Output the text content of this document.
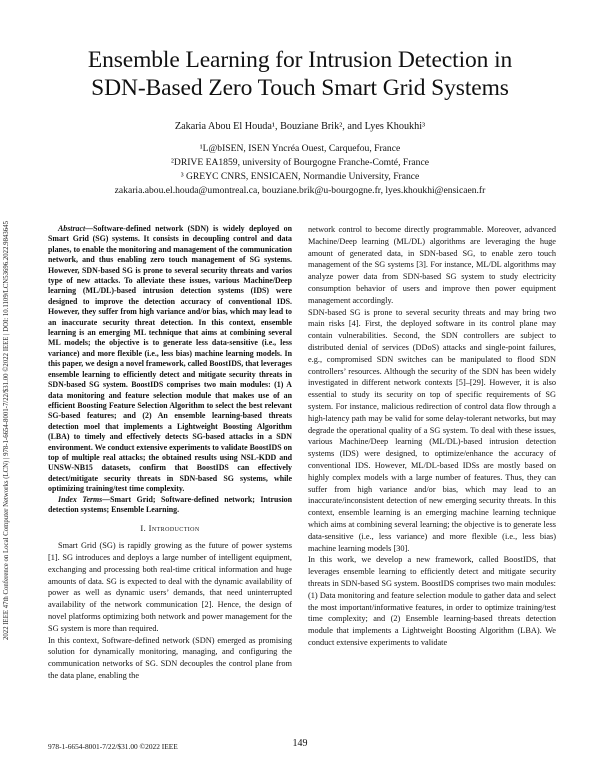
Ensemble Learning for Intrusion Detection in
SDN-Based Zero Touch Smart Grid Systems
Zakaria Abou El Houda¹, Bouziane Brik², and Lyes Khoukhi³
¹L@bISEN, ISEN Yncréa Ouest, Carquefou, France
²DRIVE EA1859, university of Bourgogne Franche-Comté, France
³ GREYC CNRS, ENSICAEN, Normandie University, France
zakaria.abou.el.houda@umontreal.ca, bouziane.brik@u-bourgogne.fr, lyes.khoukhi@ensicaen.fr
2022 IEEE 47th Conference on Local Computer Networks (LCN) | 978-1-6654-8001-7/22/$31.00 ©2022 IEEE | DOI: 10.1109/LCN53696.2022.9843645	Abstract—Software-defined network (SDN) is widely deployed on Smart Grid (SG) systems. It consists in decoupling control and data planes, to enable the monitoring and management of the communication network, and thus enabling zero touch management of SG systems. However, SDN-based SG is prone to several security threats and varios type of new attacks. To alleviate these issues, various Machine/Deep learning (ML/DL)-based intrusion detection systems (IDS) were designed to improve the detection accuracy of conventional IDS. However, they suffer from high variance and/or bias, which may lead to an inaccurate security threat detection. In this context, ensemble learning is an emerging ML technique that aims at combining several ML models; the objective is to generate less data-sensitive (i.e., less variance) and more flexible (i.e., less bias) machine learning models. In this paper, we design a novel framework, called BoostIDS, that leverages ensemble learning to efficiently detect and mitigate security threats in SDN-based SG system. BoostIDS comprises two main modules: (1) A data monitoring and feature selection module that makes use of an efficient Boosting Feature Selection Algorithm to select the best relevant SG-based features; and (2) An ensemble learning-based threats detection moel that implements a Lightweight Boosting Algorithm (LBA) to timely and effectively detects SG-based attacks in a SDN environment. We conduct extensive experiments to validate BoostIDS on top of multiple real attacks; the obtained results using NSL-KDD and UNSW-NB15 datasets, confirm that BoostIDS can effectively detect/mitigate security threats in SDN-based SG systems, while optimizing training/test time complexity.

Index Terms—Smart Grid; Software-defined network; Intrusion detection systems; Ensemble Learning.

I. Introduction

Smart Grid (SG) is rapidly growing as the future of power systems [1]. SG introduces and deploys a large number of intelligent equipment, exchanging and processing both real-time critical information and huge amounts of data. SG is expected to deal with the dynamic availability of power as well as dynamic users’ demands, that need uninterrupted availability of the network communication [2]. Hence, the design of novel platforms optimizing both network and power management for the SG system is more than required.

In this context, Software-defined network (SDN) emerged as promising solution for dynamically monitoring, managing, and configuring the communication networks of SG. SDN decouples the control plane from the data plane, enabling the

network control to become directly programmable. Moreover, advanced Machine/Deep learning (ML/DL) algorithms are leveraging the huge amount of generated data, in SDN-based SG, to enable zero touch management of the SG systems [3]. For instance, ML/DL algorithms may analyze power data from SDN-based SG system to study electricity consumption behavior of users and improve then power equipment management accordingly.

SDN-based SG is prone to several security threats and may bring two main risks [4]. First, the deployed software in its control plane may contain vulnerabilities. Second, the SDN controllers are subject to distributed denial of services (DDoS) attacks and single-point failures, e.g., compromised SDN switches can be manipulated to flood SDN controllers’ resources. Although the security of the SDN has been widely investigated in different network contexts [5]–[29]. However, it is also essential to study its security on top of specific requirements of SG system. For instance, malicious redirection of control data flow through a high-latency path may be valid for some delay-tolerant networks, but may degrade the operational quality of a SG system. To deal with these issues, various Machine/Deep learning (ML/DL)-based intrusion detection systems (IDS) were designed, to optimize/enhance the accuracy of conventional IDS. However, ML/DL-based IDSs are mostly based on highly complex models with a large number of features. Thus, they can suffer from high variance and/or bias, which may lead to an inaccurate/inconsistent detection of new emerging security threats. In this context, ensemble learning is an emerging machine learning technique which aims at combining several learning; the objective is to generate less data-sensitive (i.e., less variance) and more flexible (i.e., less bias) machine learning models [30].

In this work, we develop a new framework, called BoostIDS, that leverages ensemble learning to efficiently detect and mitigate security threats in SDN-based SG system. BoostIDS comprises two main modules: (1) Data monitoring and feature selection module to gather data and select the most important/informative features, in order to optimize training/test time complexity; and (2) Ensemble learning-based threats detection module that implements a Lightweight Boosting Algorithm (LBA). We conduct extensive experiments to validate

978-1-6654-8001-7/22/$31.00 ©2022 IEEE	149
